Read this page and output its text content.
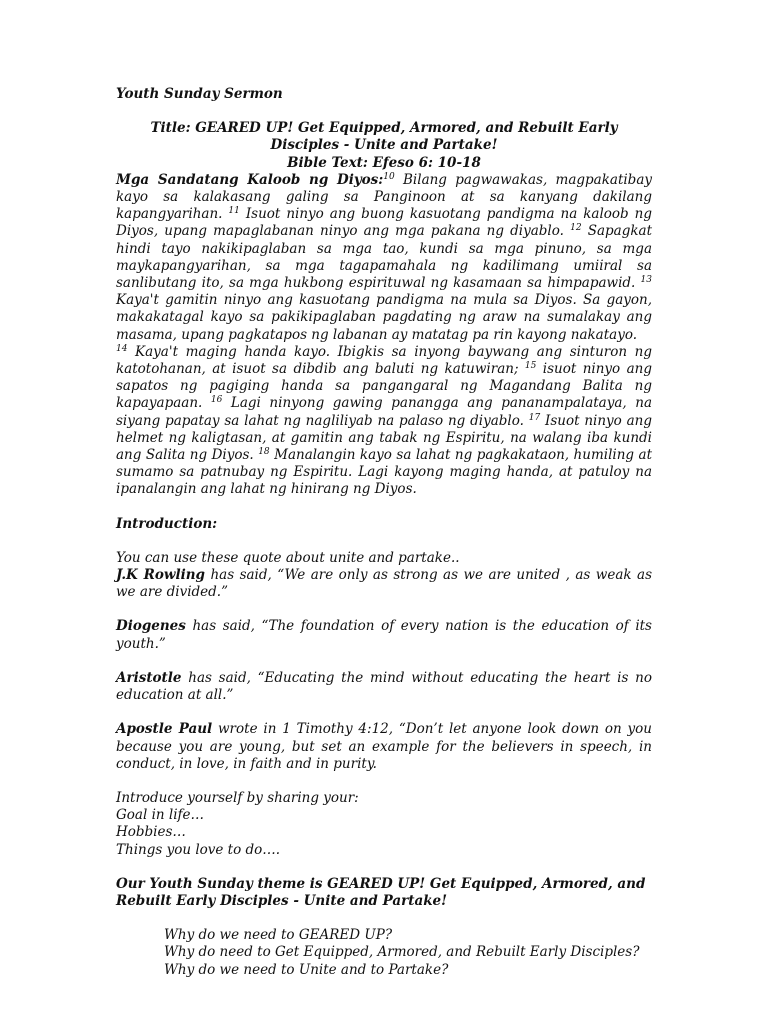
Youth Sunday Sermon

Title: GEARED UP! Get Equipped, Armored, and Rebuilt Early Disciples - Unite and Partake!

Bible Text: Efeso 6: 10-18

Mga Sandatang Kaloob ng Diyos:$^{10}$ Bilang pagwawakas, magpakatibay kayo sa kalakasang galing sa Panginoon at sa kanyang dakilang kapangyarihan. $^{11}$ Isuot ninyo ang buong kasuotang pandigma na kaloob ng Diyos, upang mapaglabanan ninyo ang mga pakana ng diyablo. $^{12}$ Sapagkat hindi tayo nakikipaglaban sa mga tao, kundi sa mga pinuno, sa mga maykapangyarihan, sa mga tagapamahala ng kadilimang umiiral sa sanlibutang ito, sa mga hukbong espirituwal ng kasamaan sa himpapawid. $^{13}$ Kaya't gamitin ninyo ang kasuotang pandigma na mula sa Diyos. Sa gayon, makakatagal kayo sa pakikipaglaban pagdating ng araw na sumalakay ang masama, upang pagkatapos ng labanan ay matatag pa rin kayong nakatayo.

$^{14}$ Kaya't maging handa kayo. Ibigkis sa inyong baywang ang sinturon ng katotohanan, at isuot sa dibdib ang baluti ng katuwiran; $^{15}$ isuot ninyo ang sapatos ng pagiging handa sa pangangaral ng Magandang Balita ng kapayapaan. $^{16}$ Lagi ninyong gawing panangga ang pananampalataya, na siyang papatay sa lahat ng nagliliyab na palaso ng diyablo. $^{17}$ Isuot ninyo ang helmet ng kaligtasan, at gamitin ang tabak ng Espiritu, na walang iba kundi ang Salita ng Diyos. $^{18}$ Manalangin kayo sa lahat ng pagkakataon, humiling at sumamo sa patnubay ng Espiritu. Lagi kayong maging handa, at patuloy na ipanalangin ang lahat ng hinirang ng Diyos.

Introduction:

You can use these quote about unite and partake..

J.K Rowling has said, “We are only as strong as we are united , as weak as we are divided.”

Diogenes has said, “The foundation of every nation is the education of its youth.”

Aristotle has said, “Educating the mind without educating the heart is no education at all.”

Apostle Paul wrote in 1 Timothy 4:12, “Don’t let anyone look down on you because you are young, but set an example for the believers in speech, in conduct, in love, in faith and in purity.

Introduce yourself by sharing your:

Goal in life…

Hobbies…

Things you love to do….

Our Youth Sunday theme is GEARED UP! Get Equipped, Armored, and Rebuilt Early Disciples - Unite and Partake!

Why do we need to GEARED UP?

Why do need to Get Equipped, Armored, and Rebuilt Early Disciples?

Why do we need to Unite and to Partake?
